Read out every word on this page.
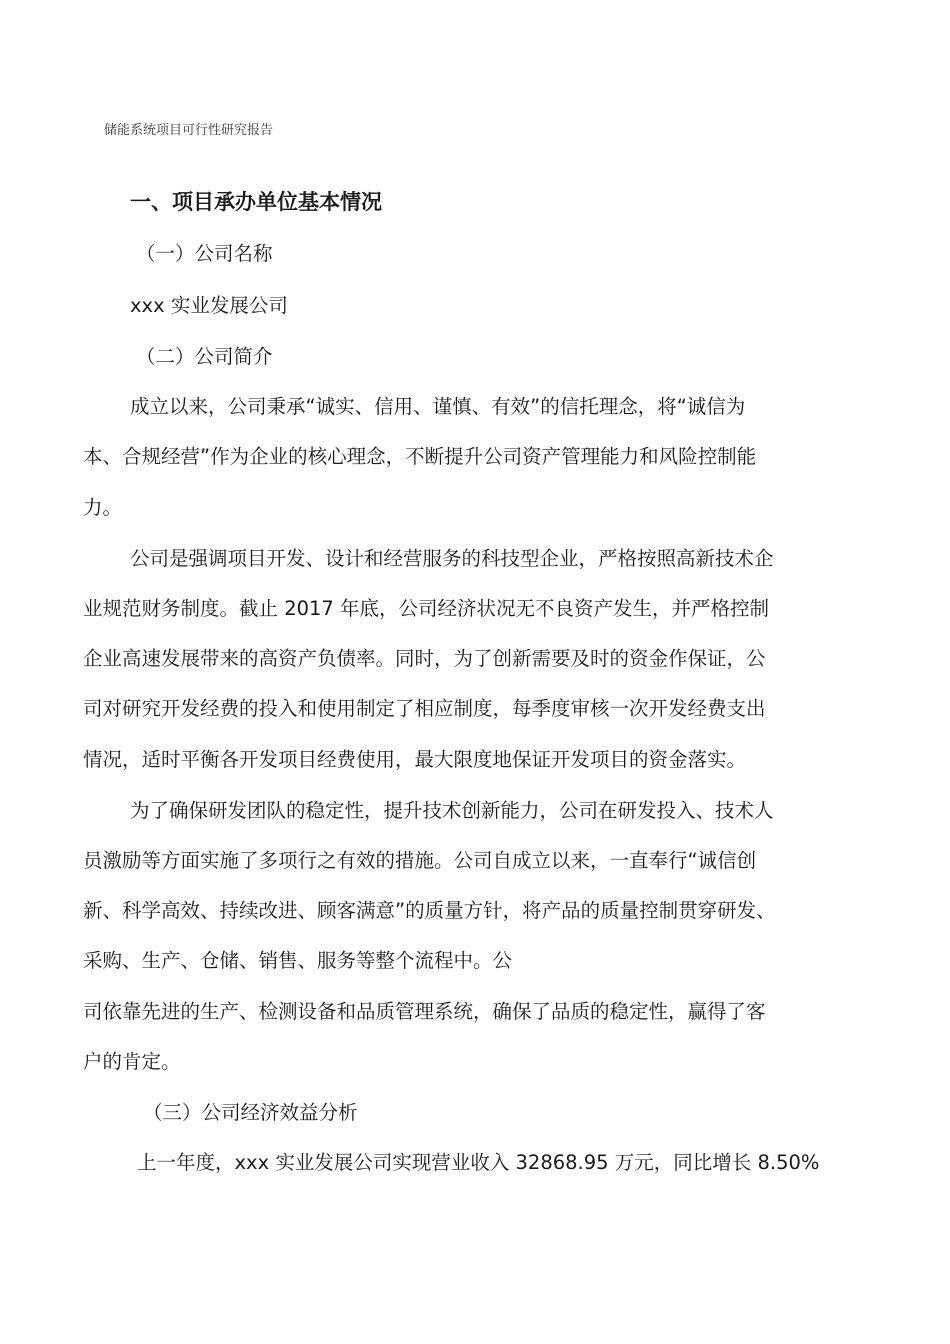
储能系统项目可行性研究报告
一、项目承办单位基本情况
（一）公司名称
xxx 实业发展公司
（二）公司简介
成立以来，公司秉承“诚实、信用、谨慎、有效”的信托理念，将“诚信为
本、合规经营”作为企业的核心理念，不断提升公司资产管理能力和风险控制能
力。
公司是强调项目开发、设计和经营服务的科技型企业，严格按照高新技术企
业规范财务制度。截止 2017 年底，公司经济状况无不良资产发生，并严格控制
企业高速发展带来的高资产负债率。同时，为了创新需要及时的资金作保证，公
司对研究开发经费的投入和使用制定了相应制度，每季度审核一次开发经费支出
情况，适时平衡各开发项目经费使用，最大限度地保证开发项目的资金落实。
为了确保研发团队的稳定性，提升技术创新能力，公司在研发投入、技术人
员激励等方面实施了多项行之有效的措施。公司自成立以来，一直奉行“诚信创
新、科学高效、持续改进、顾客满意”的质量方针，将产品的质量控制贯穿研发、
采购、生产、仓储、销售、服务等整个流程中。公
司依靠先进的生产、检测设备和品质管理系统，确保了品质的稳定性，赢得了客
户的肯定。
（三）公司经济效益分析
上一年度，xxx 实业发展公司实现营业收入 32868.95 万元，同比增长 8.50%
